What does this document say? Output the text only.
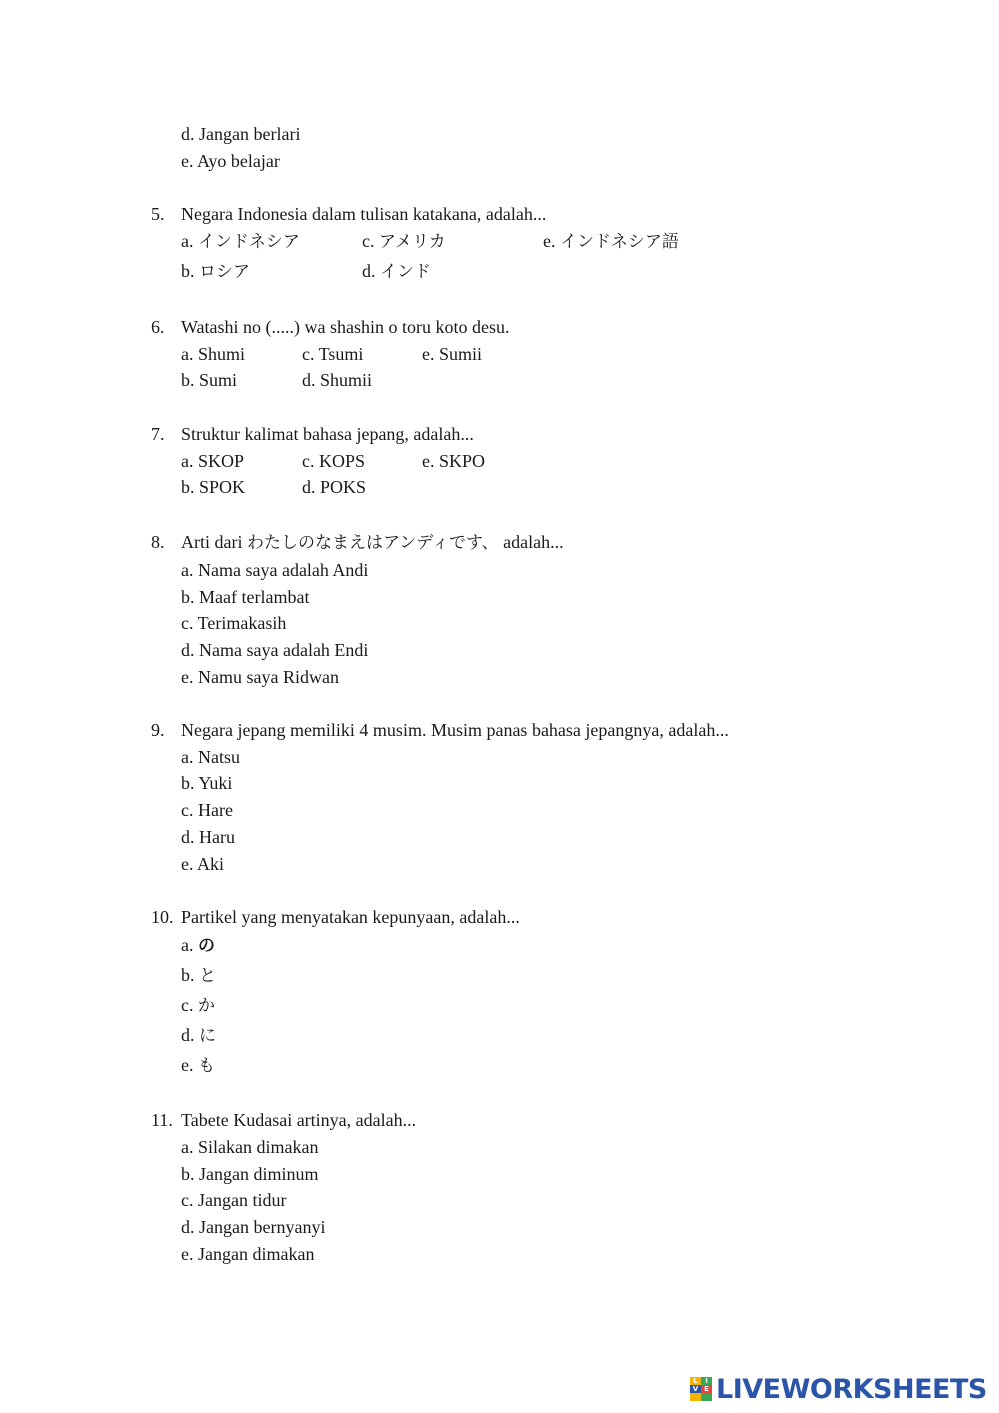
d. Jangan berlari
e. Ayo belajar
5. Negara Indonesia dalam tulisan katakana, adalah...
a. インドネシア	c. アメリカ	e. インドネシア語
b. ロシア	d. インド
6. Watashi no (.....) wa shashin o toru koto desu.
a. Shumi	c. Tsumi	e. Sumii
b. Sumi	d. Shumii
7. Struktur kalimat bahasa jepang, adalah...
a. SKOP	c. KOPS	e. SKPO
b. SPOK	d. POKS
8. Arti dari わたしのなまえはアンディです、 adalah...
a. Nama saya adalah Andi
b. Maaf terlambat
c. Terimakasih
d. Nama saya adalah Endi
e. Namu saya Ridwan
9. Negara jepang memiliki 4 musim. Musim panas bahasa jepangnya, adalah...
a. Natsu
b. Yuki
c. Hare
d. Haru
e. Aki
10. Partikel yang menyatakan kepunyaan, adalah...
a. の
b. と
c. か
d. に
e. も
11. Tabete Kudasai artinya, adalah...
a. Silakan dimakan
b. Jangan diminum
c. Jangan tidur
d. Jangan bernyanyi
e. Jangan dimakan
L	I
V E LIVEWORKSHEETS
